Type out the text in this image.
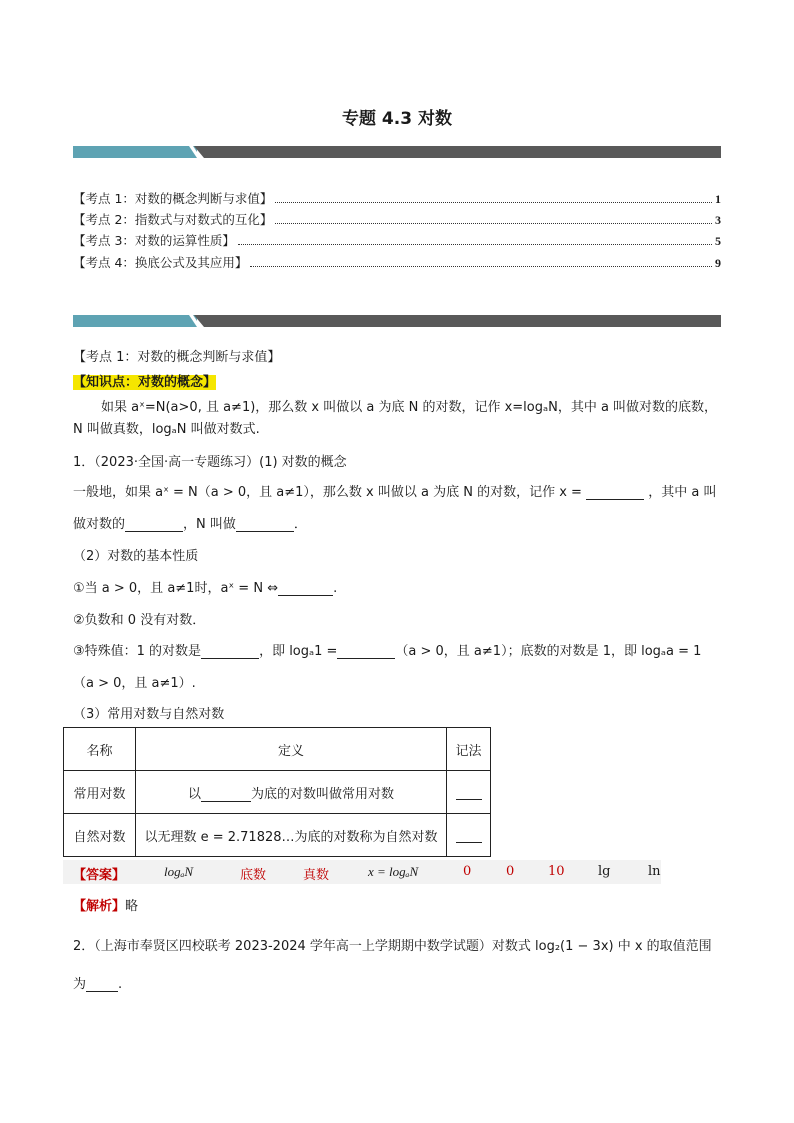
专题 4.3 对数
【考点 1：对数的概念判断与求值】	1
【考点 2：指数式与对数式的互化】	3
【考点 3：对数的运算性质】	5
【考点 4：换底公式及其应用】	9
【考点 1：对数的概念判断与求值】
【知识点：对数的概念】
如果 aˣ=N(a>0, 且 a≠1)，那么数 x 叫做以 a 为底 N 的对数，记作 x=logₐN，其中 a 叫做对数的底数，
N 叫做真数，logₐN 叫做对数式.
1．（2023·全国·高一专题练习）(1) 对数的概念
一般地，如果 aˣ = N（a > 0，且 a≠1），那么数 x 叫做以 a 为底 N 的对数，记作 x =	，其中 a 叫
做对数的	，N 叫做	．
（2）对数的基本性质
①当 a > 0，且 a≠1时，aˣ = N ⇔	.
②负数和 0 没有对数．
③特殊值：1 的对数是	，即 logₐ1 =	（a > 0，且 a≠1）；底数的对数是 1，即 logₐa = 1
（a > 0，且 a≠1）.
（3）常用对数与自然对数
名称	定义	记法
常用对数	以 为底的对数叫做常用对数	
自然对数	以无理数 e = 2.71828…为底的对数称为自然对数	
【答案】	logₐN	底数	真数	x = logₐN	0	0	10	lg	ln
【解析】略
2．（上海市奉贤区四校联考 2023-2024 学年高一上学期期中数学试题）对数式 log₂(1 − 3x) 中 x 的取值范围
为 .
